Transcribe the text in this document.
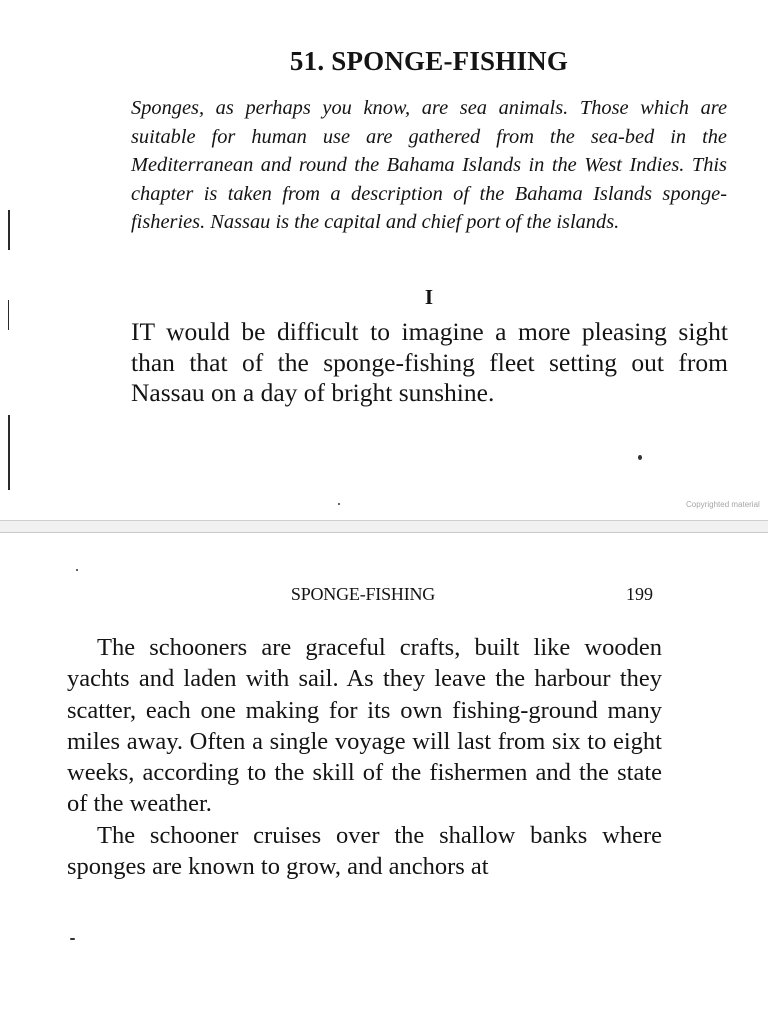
51. SPONGE-FISHING

Sponges, as perhaps you know, are sea animals. Those which are suitable for human use are gathered from the sea-bed in the Mediterranean and round the Bahama Islands in the West Indies. This chapter is taken from a description of the Bahama Islands sponge-fisheries. Nassau is the capital and chief port of the islands.

I

IT would be difficult to imagine a more pleasing sight than that of the sponge-fishing fleet setting out from Nassau on a day of bright sunshine.

Copyrighted material
SPONGE-FISHING	199

The schooners are graceful crafts, built like wooden yachts and laden with sail. As they leave the harbour they scatter, each one making for its own fishing-ground many miles away. Often a single voyage will last from six to eight weeks, according to the skill of the fishermen and the state of the weather.

The schooner cruises over the shallow banks where sponges are known to grow, and anchors at
